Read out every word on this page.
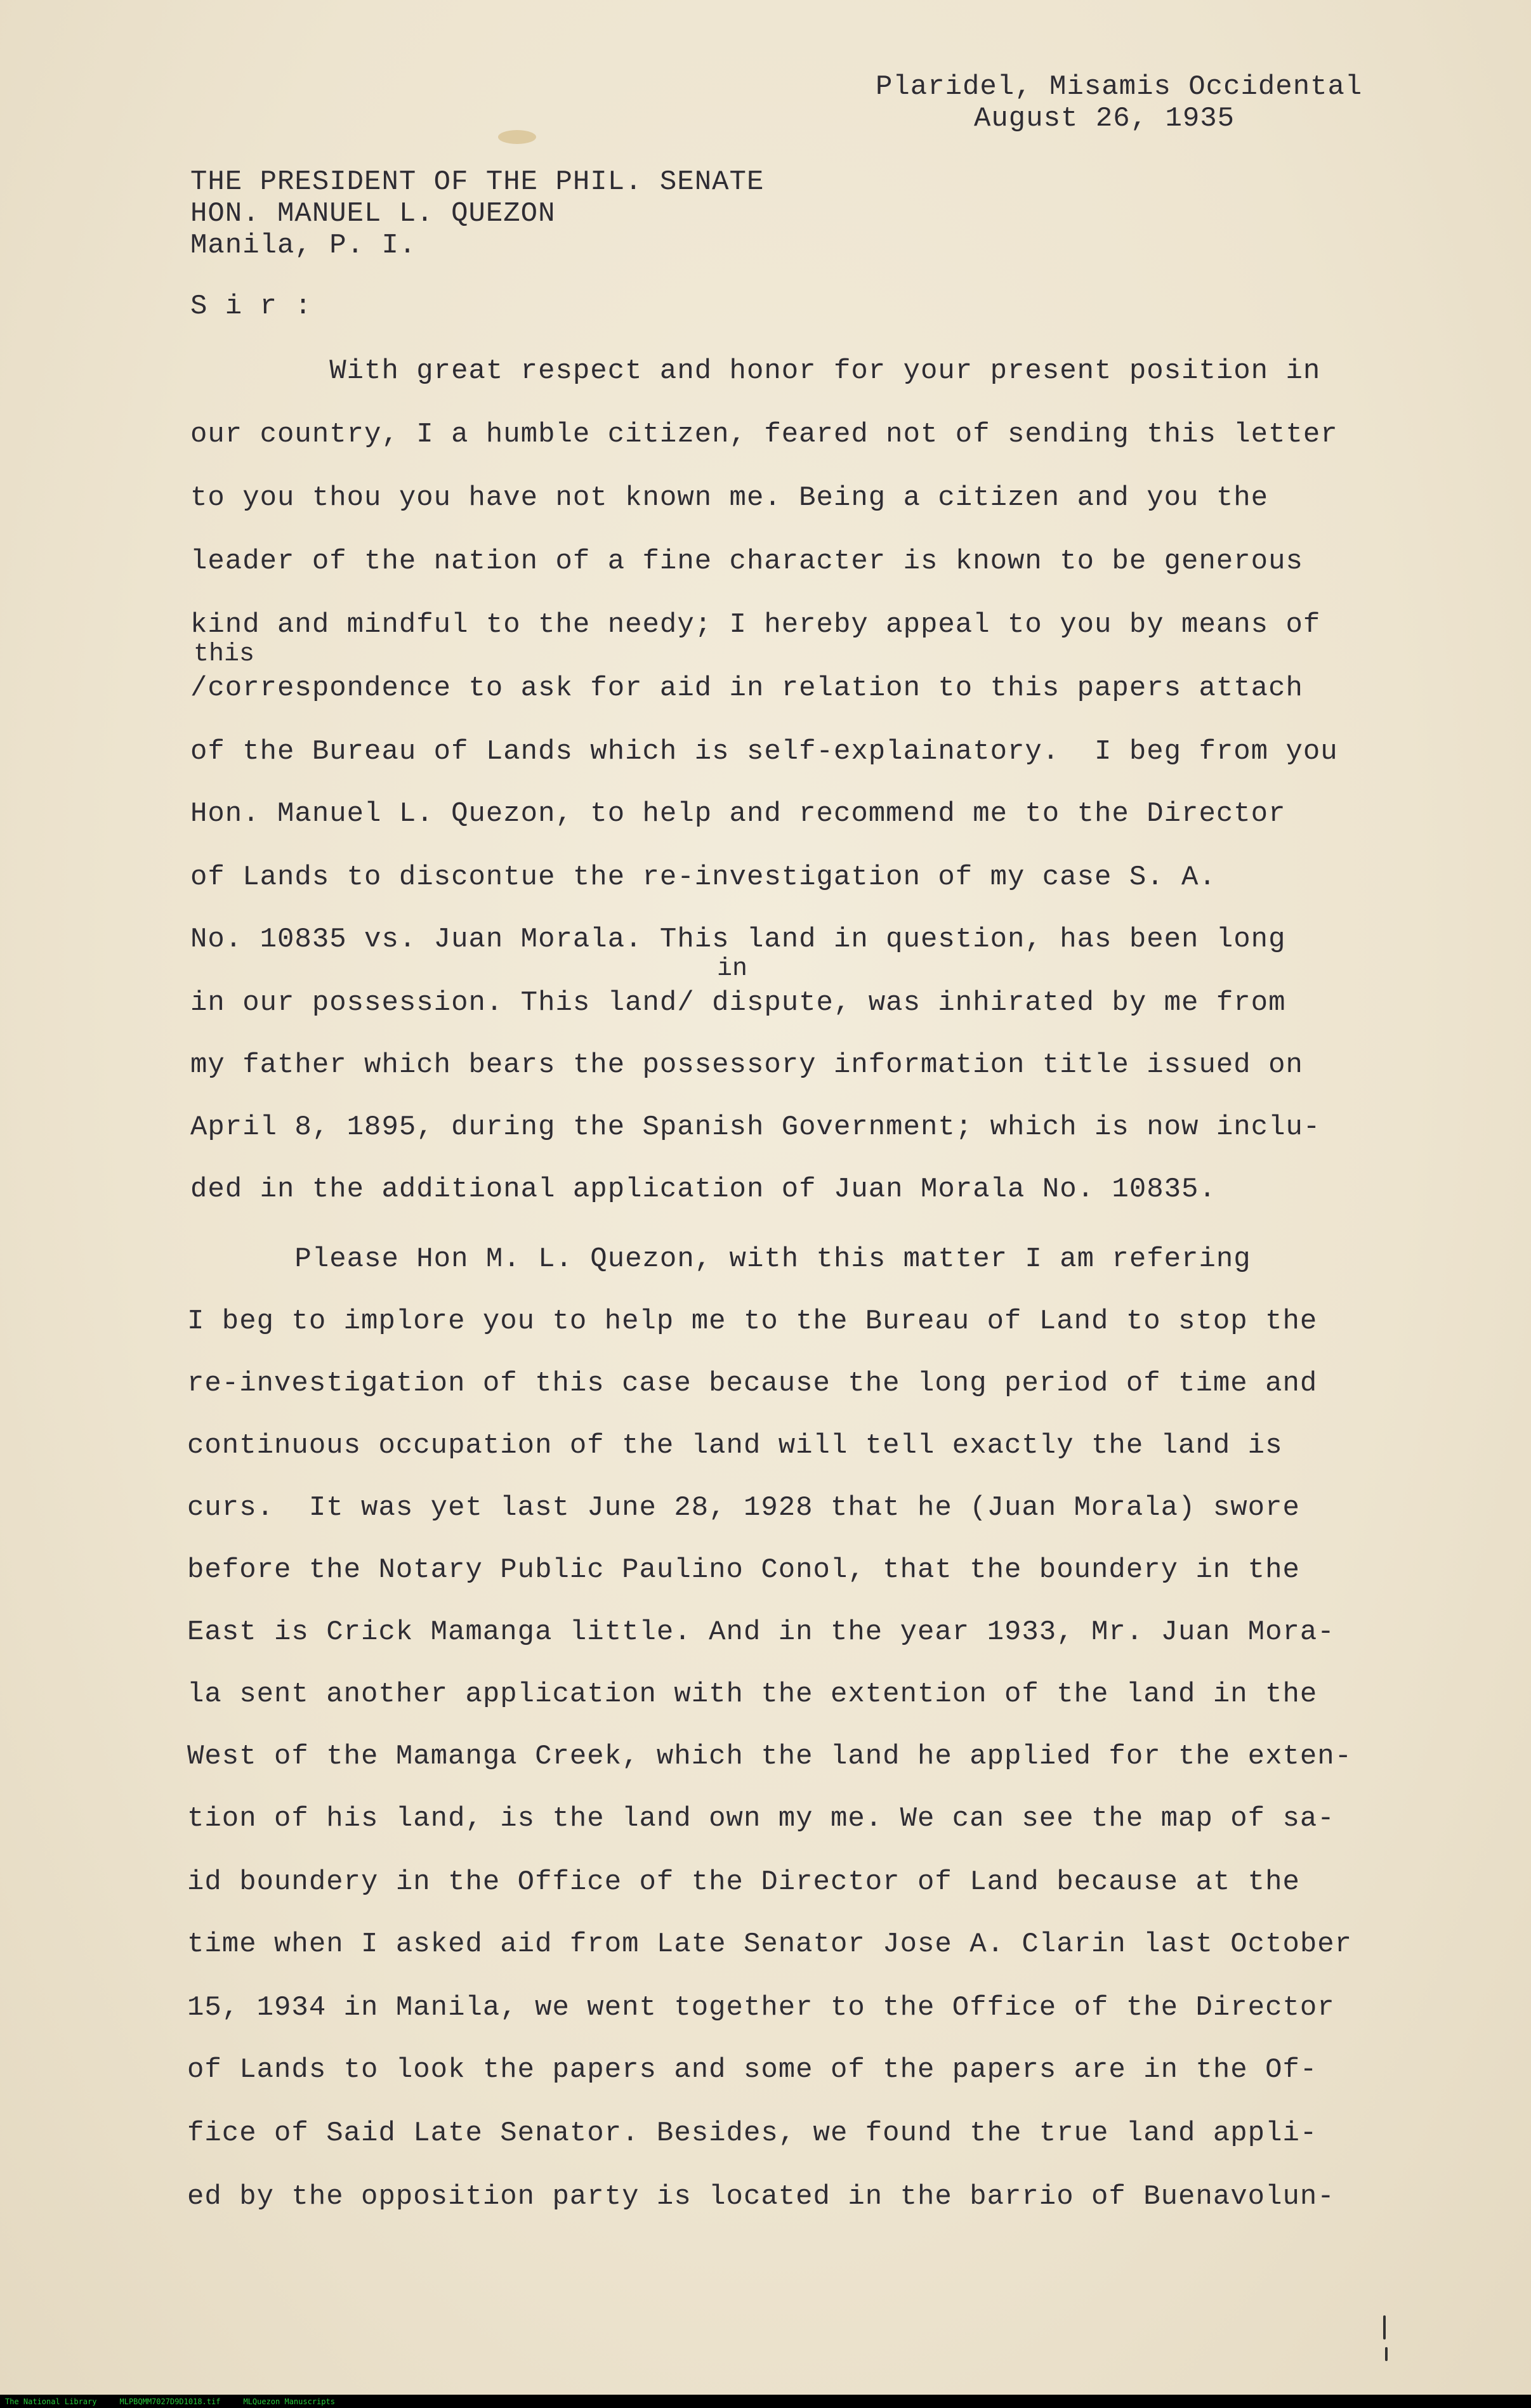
Plaridel, Misamis Occidental
August 26, 1935
THE PRESIDENT OF THE PHIL. SENATE
HON. MANUEL L. QUEZON
Manila, P. I.
S i r :
With great respect and honor for your present position in
our country, I a humble citizen, feared not of sending this letter
to you thou you have not known me. Being a citizen and you the
leader of the nation of a fine character is known to be generous
kind and mindful to the needy; I hereby appeal to you by means of
this
/correspondence to ask for aid in relation to this papers attach
of the Bureau of Lands which is self-explainatory.  I beg from you
Hon. Manuel L. Quezon, to help and recommend me to the Director
of Lands to discontue the re-investigation of my case S. A.
No. 10835 vs. Juan Morala. This land in question, has been long
in
in our possession. This land/ dispute, was inhirated by me from
my father which bears the possessory information title issued on
April 8, 1895, during the Spanish Government; which is now inclu-
ded in the additional application of Juan Morala No. 10835.
Please Hon M. L. Quezon, with this matter I am refering
I beg to implore you to help me to the Bureau of Land to stop the
re-investigation of this case because the long period of time and
continuous occupation of the land will tell exactly the land is
curs.  It was yet last June 28, 1928 that he (Juan Morala) swore
before the Notary Public Paulino Conol, that the boundery in the
East is Crick Mamanga little. And in the year 1933, Mr. Juan Mora-
la sent another application with the extention of the land in the
West of the Mamanga Creek, which the land he applied for the exten-
tion of his land, is the land own my me. We can see the map of sa-
id boundery in the Office of the Director of Land because at the
time when I asked aid from Late Senator Jose A. Clarin last October
15, 1934 in Manila, we went together to the Office of the Director
of Lands to look the papers and some of the papers are in the Of-
fice of Said Late Senator. Besides, we found the true land appli-
ed by the opposition party is located in the barrio of Buenavolun-
The National Library	MLPBQMM7027D9D1018.tif	MLQuezon Manuscripts
